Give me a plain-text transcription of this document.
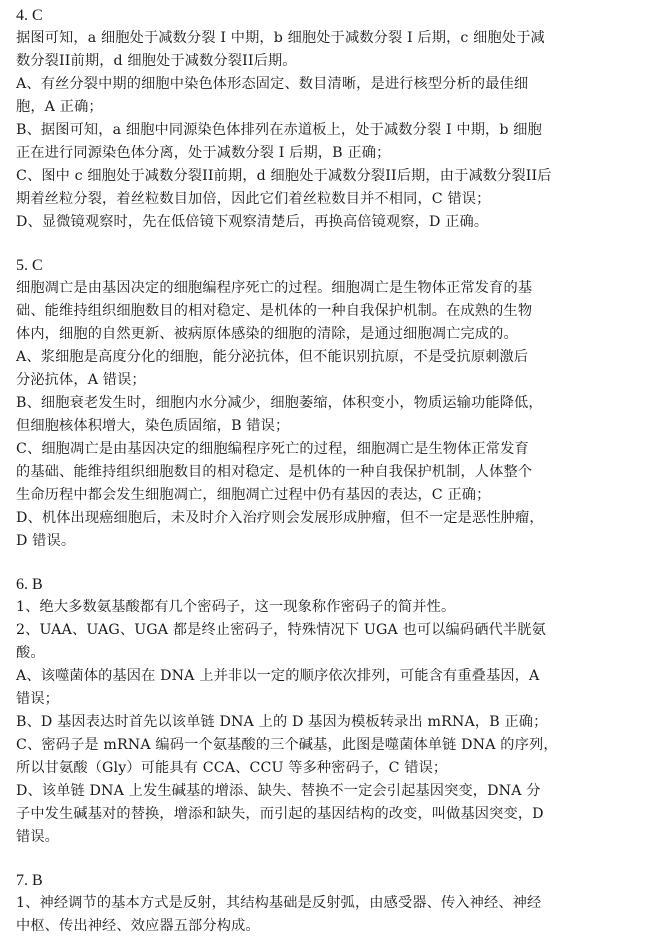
4. C
据图可知，a 细胞处于减数分裂 I 中期，b 细胞处于减数分裂 I 后期，c 细胞处于减
数分裂II前期，d 细胞处于减数分裂II后期。
A、有丝分裂中期的细胞中染色体形态固定、数目清晰，是进行核型分析的最佳细
胞，A 正确；
B、据图可知，a 细胞中同源染色体排列在赤道板上，处于减数分裂 I 中期，b 细胞
正在进行同源染色体分离，处于减数分裂 I 后期，B 正确；
C、图中 c 细胞处于减数分裂II前期，d 细胞处于减数分裂II后期，由于减数分裂II后
期着丝粒分裂，着丝粒数目加倍，因此它们着丝粒数目并不相同，C 错误；
D、显微镜观察时，先在低倍镜下观察清楚后，再换高倍镜观察，D 正确。
5. C
细胞凋亡是由基因决定的细胞编程序死亡的过程。细胞凋亡是生物体正常发育的基
础、能维持组织细胞数目的相对稳定、是机体的一种自我保护机制。在成熟的生物
体内，细胞的自然更新、被病原体感染的细胞的清除，是通过细胞凋亡完成的。
A、浆细胞是高度分化的细胞，能分泌抗体，但不能识别抗原，不是受抗原刺激后
分泌抗体，A 错误；
B、细胞衰老发生时，细胞内水分减少，细胞萎缩，体积变小，物质运输功能降低，
但细胞核体积增大，染色质固缩，B 错误；
C、细胞凋亡是由基因决定的细胞编程序死亡的过程，细胞凋亡是生物体正常发育
的基础、能维持组织细胞数目的相对稳定、是机体的一种自我保护机制，人体整个
生命历程中都会发生细胞凋亡，细胞凋亡过程中仍有基因的表达，C 正确；
D、机体出现癌细胞后，未及时介入治疗则会发展形成肿瘤，但不一定是恶性肿瘤，
D 错误。
6. B
1、绝大多数氨基酸都有几个密码子，这一现象称作密码子的简并性。
2、UAA、UAG、UGA 都是终止密码子，特殊情况下 UGA 也可以编码硒代半胱氨
酸。
A、该噬菌体的基因在 DNA 上并非以一定的顺序依次排列，可能含有重叠基因，A
错误；
B、D 基因表达时首先以该单链 DNA 上的 D 基因为模板转录出 mRNA，B 正确；
C、密码子是 mRNA 编码一个氨基酸的三个碱基，此图是噬菌体单链 DNA 的序列，
所以甘氨酸（Gly）可能具有 CCA、CCU 等多种密码子，C 错误；
D、该单链 DNA 上发生碱基的增添、缺失、替换不一定会引起基因突变，DNA 分
子中发生碱基对的替换，增添和缺失，而引起的基因结构的改变，叫做基因突变，D
错误。
7. B
1、神经调节的基本方式是反射，其结构基础是反射弧，由感受器、传入神经、神经
中枢、传出神经、效应器五部分构成。
